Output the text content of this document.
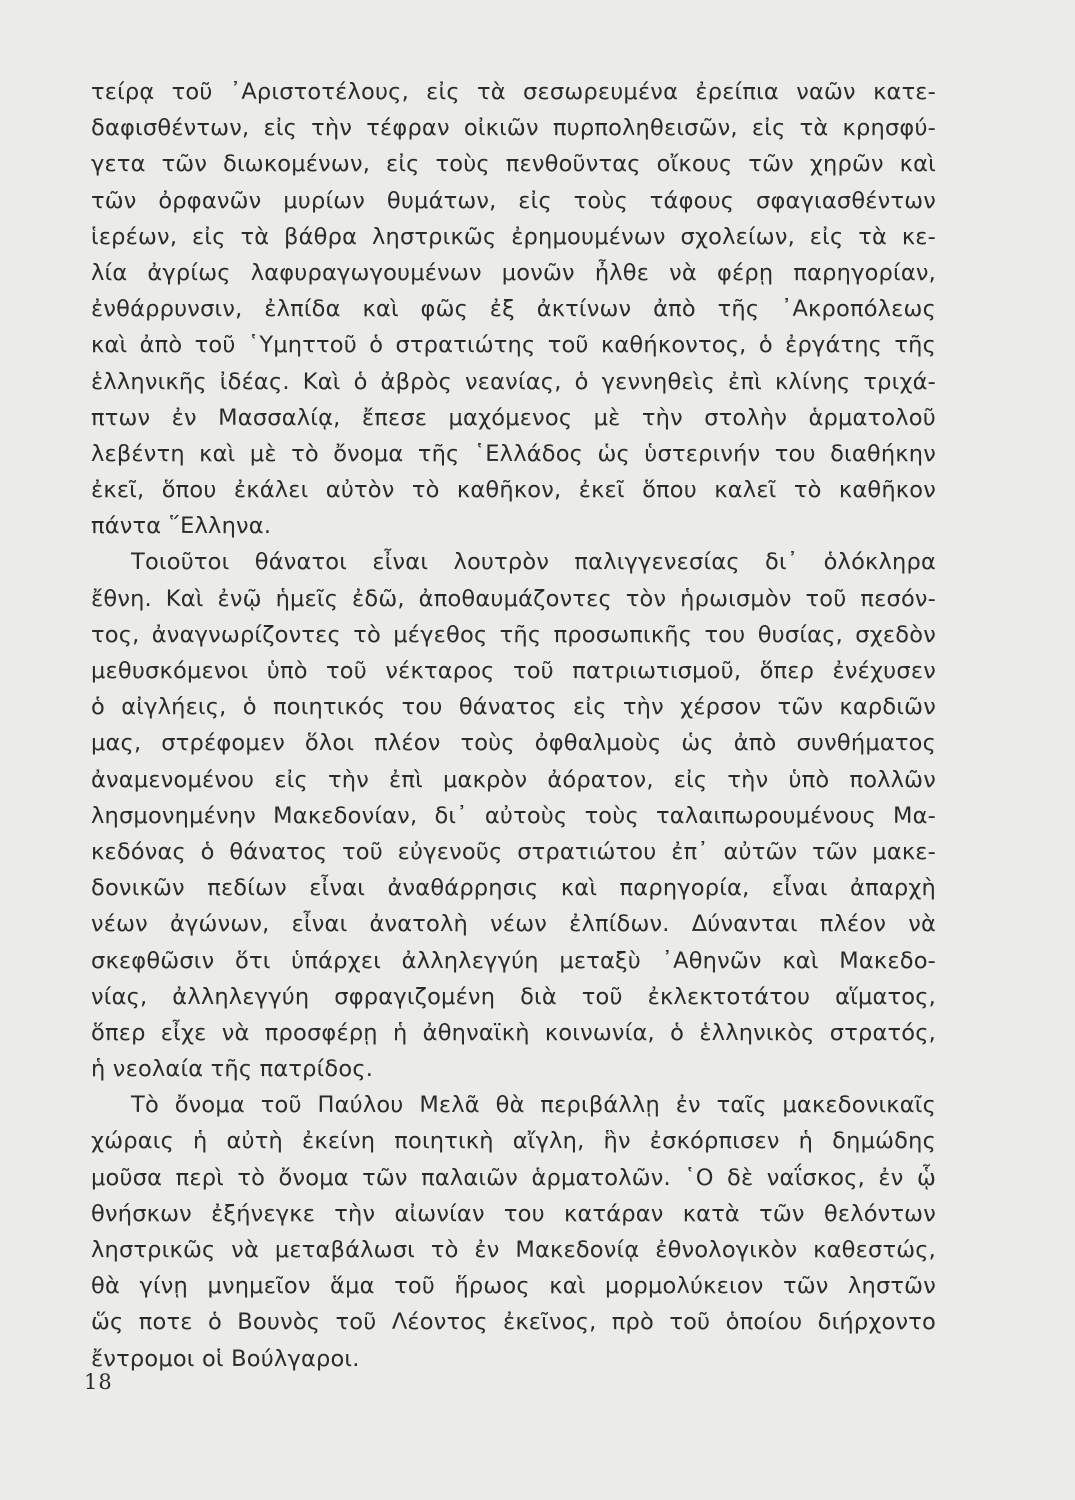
τείρᾳ τοῦ ᾿Αριστοτέλους, εἰς τὰ σεσωρευμένα ἐρείπια ναῶν κατε-
δαφισθέντων, εἰς τὴν τέφραν οἰκιῶν πυρποληθεισῶν, εἰς τὰ κρησφύ-
γετα τῶν διωκομένων, εἰς τοὺς πενθοῦντας οἴκους τῶν χηρῶν καὶ
τῶν ὀρφανῶν μυρίων θυμάτων, εἰς τοὺς τάφους σφαγιασθέντων
ἱερέων, εἰς τὰ βάθρα ληστρικῶς ἐρημουμένων σχολείων, εἰς τὰ κε-
λία ἀγρίως λαφυραγωγουμένων μονῶν ἦλθε νὰ φέρῃ παρηγορίαν,
ἐνθάρρυνσιν, ἐλπίδα καὶ φῶς ἐξ ἀκτίνων ἀπὸ τῆς ᾿Ακροπόλεως
καὶ ἀπὸ τοῦ ῾Υμηττοῦ ὁ στρατιώτης τοῦ καθήκοντος, ὁ ἐργάτης τῆς
ἑλληνικῆς ἰδέας. Καὶ ὁ ἀβρὸς νεανίας, ὁ γεννηθεὶς ἐπὶ κλίνης τριχά-
πτων ἐν Μασσαλίᾳ, ἔπεσε μαχόμενος μὲ τὴν στολὴν ἁρματολοῦ
λεβέντη καὶ μὲ τὸ ὄνομα τῆς ῾Ελλάδος ὡς ὑστερινήν του διαθήκην
ἐκεῖ, ὅπου ἐκάλει αὐτὸν τὸ καθῆκον, ἐκεῖ ὅπου καλεῖ τὸ καθῆκον
πάντα ῞Ελληνα.
Τοιοῦτοι θάνατοι εἶναι λουτρὸν παλιγγενεσίας δι᾿ ὁλόκληρα
ἔθνη. Καὶ ἐνῷ ἡμεῖς ἐδῶ, ἀποθαυμάζοντες τὸν ἡρωισμὸν τοῦ πεσόν-
τος, ἀναγνωρίζοντες τὸ μέγεθος τῆς προσωπικῆς του θυσίας, σχεδὸν
μεθυσκόμενοι ὑπὸ τοῦ νέκταρος τοῦ πατριωτισμοῦ, ὅπερ ἐνέχυσεν
ὁ αἰγλήεις, ὁ ποιητικός του θάνατος εἰς τὴν χέρσον τῶν καρδιῶν
μας, στρέφομεν ὅλοι πλέον τοὺς ὀφθαλμοὺς ὡς ἀπὸ συνθήματος
ἀναμενομένου εἰς τὴν ἐπὶ μακρὸν ἀόρατον, εἰς τὴν ὑπὸ πολλῶν
λησμονημένην Μακεδονίαν, δι᾿ αὐτοὺς τοὺς ταλαιπωρουμένους Μα-
κεδόνας ὁ θάνατος τοῦ εὐγενοῦς στρατιώτου ἐπ᾿ αὐτῶν τῶν μακε-
δονικῶν πεδίων εἶναι ἀναθάρρησις καὶ παρηγορία, εἶναι ἀπαρχὴ
νέων ἀγώνων, εἶναι ἀνατολὴ νέων ἐλπίδων. Δύνανται πλέον νὰ
σκεφθῶσιν ὅτι ὑπάρχει ἀλληλεγγύη μεταξὺ ᾿Αθηνῶν καὶ Μακεδο-
νίας, ἀλληλεγγύη σφραγιζομένη διὰ τοῦ ἐκλεκτοτάτου αἵματος,
ὅπερ εἶχε νὰ προσφέρῃ ἡ ἀθηναϊκὴ κοινωνία, ὁ ἑλληνικὸς στρατός,
ἡ νεολαία τῆς πατρίδος.
Τὸ ὄνομα τοῦ Παύλου Μελᾶ θὰ περιβάλλῃ ἐν ταῖς μακεδονικαῖς
χώραις ἡ αὐτὴ ἐκείνη ποιητικὴ αἴγλη, ἣν ἐσκόρπισεν ἡ δημώδης
μοῦσα περὶ τὸ ὄνομα τῶν παλαιῶν ἁρματολῶν. ῾Ο δὲ ναΐσκος, ἐν ᾧ
θνήσκων ἐξήνεγκε τὴν αἰωνίαν του κατάραν κατὰ τῶν θελόντων
ληστρικῶς νὰ μεταβάλωσι τὸ ἐν Μακεδονίᾳ ἐθνολογικὸν καθεστώς,
θὰ γίνῃ μνημεῖον ἅμα τοῦ ἥρωος καὶ μορμολύκειον τῶν ληστῶν
ὥς ποτε ὁ Βουνὸς τοῦ Λέοντος ἐκεῖνος, πρὸ τοῦ ὁποίου διήρχοντο
ἔντρομοι οἱ Βούλγαροι.
18
